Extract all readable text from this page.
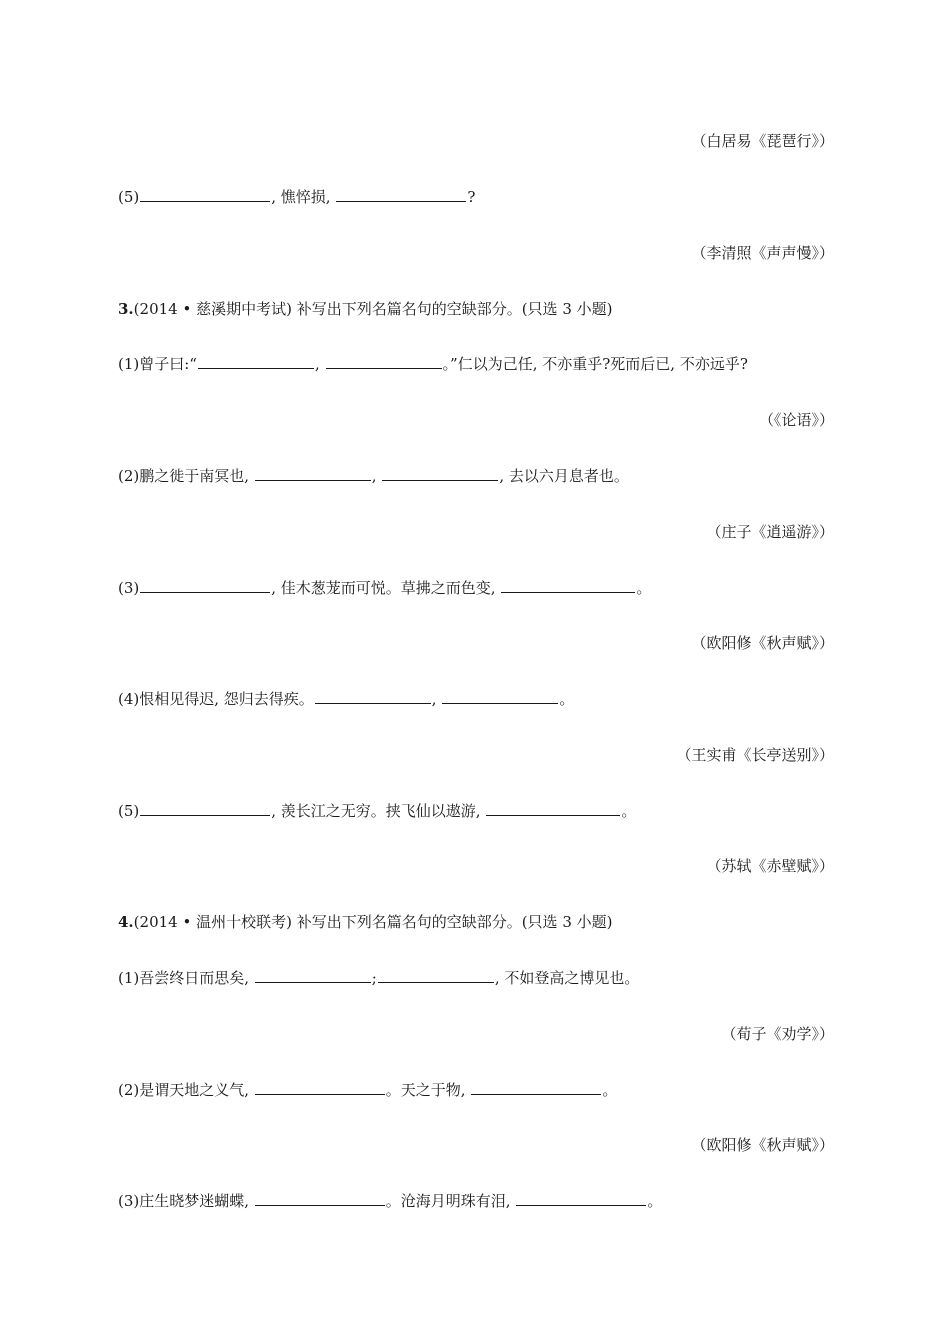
（白居易《琵琶行》）
(5)	, 憔悴损,	?
（李清照《声声慢》）
3.(2014 • 慈溪期中考试) 补写出下列名篇名句的空缺部分。(只选 3 小题)
(1)曾子曰:“	,	。”仁以为己任, 不亦重乎?死而后已, 不亦远乎?
（《论语》）
(2)鹏之徙于南冥也,	,	, 去以六月息者也。
（庄子《逍遥游》）
(3)	, 佳木葱茏而可悦。草拂之而色变,	。
（欧阳修《秋声赋》）
(4)恨相见得迟, 怨归去得疾。	,	。
（王实甫《长亭送别》）
(5)	, 羡长江之无穷。挟飞仙以遨游,	。
（苏轼《赤壁赋》）
4.(2014 • 温州十校联考) 补写出下列名篇名句的空缺部分。(只选 3 小题)
(1)吾尝终日而思矣,	;	, 不如登高之博见也。
（荀子《劝学》）
(2)是谓天地之义气,	。天之于物,	。
（欧阳修《秋声赋》）
(3)庄生晓梦迷蝴蝶,	。沧海月明珠有泪,	。
